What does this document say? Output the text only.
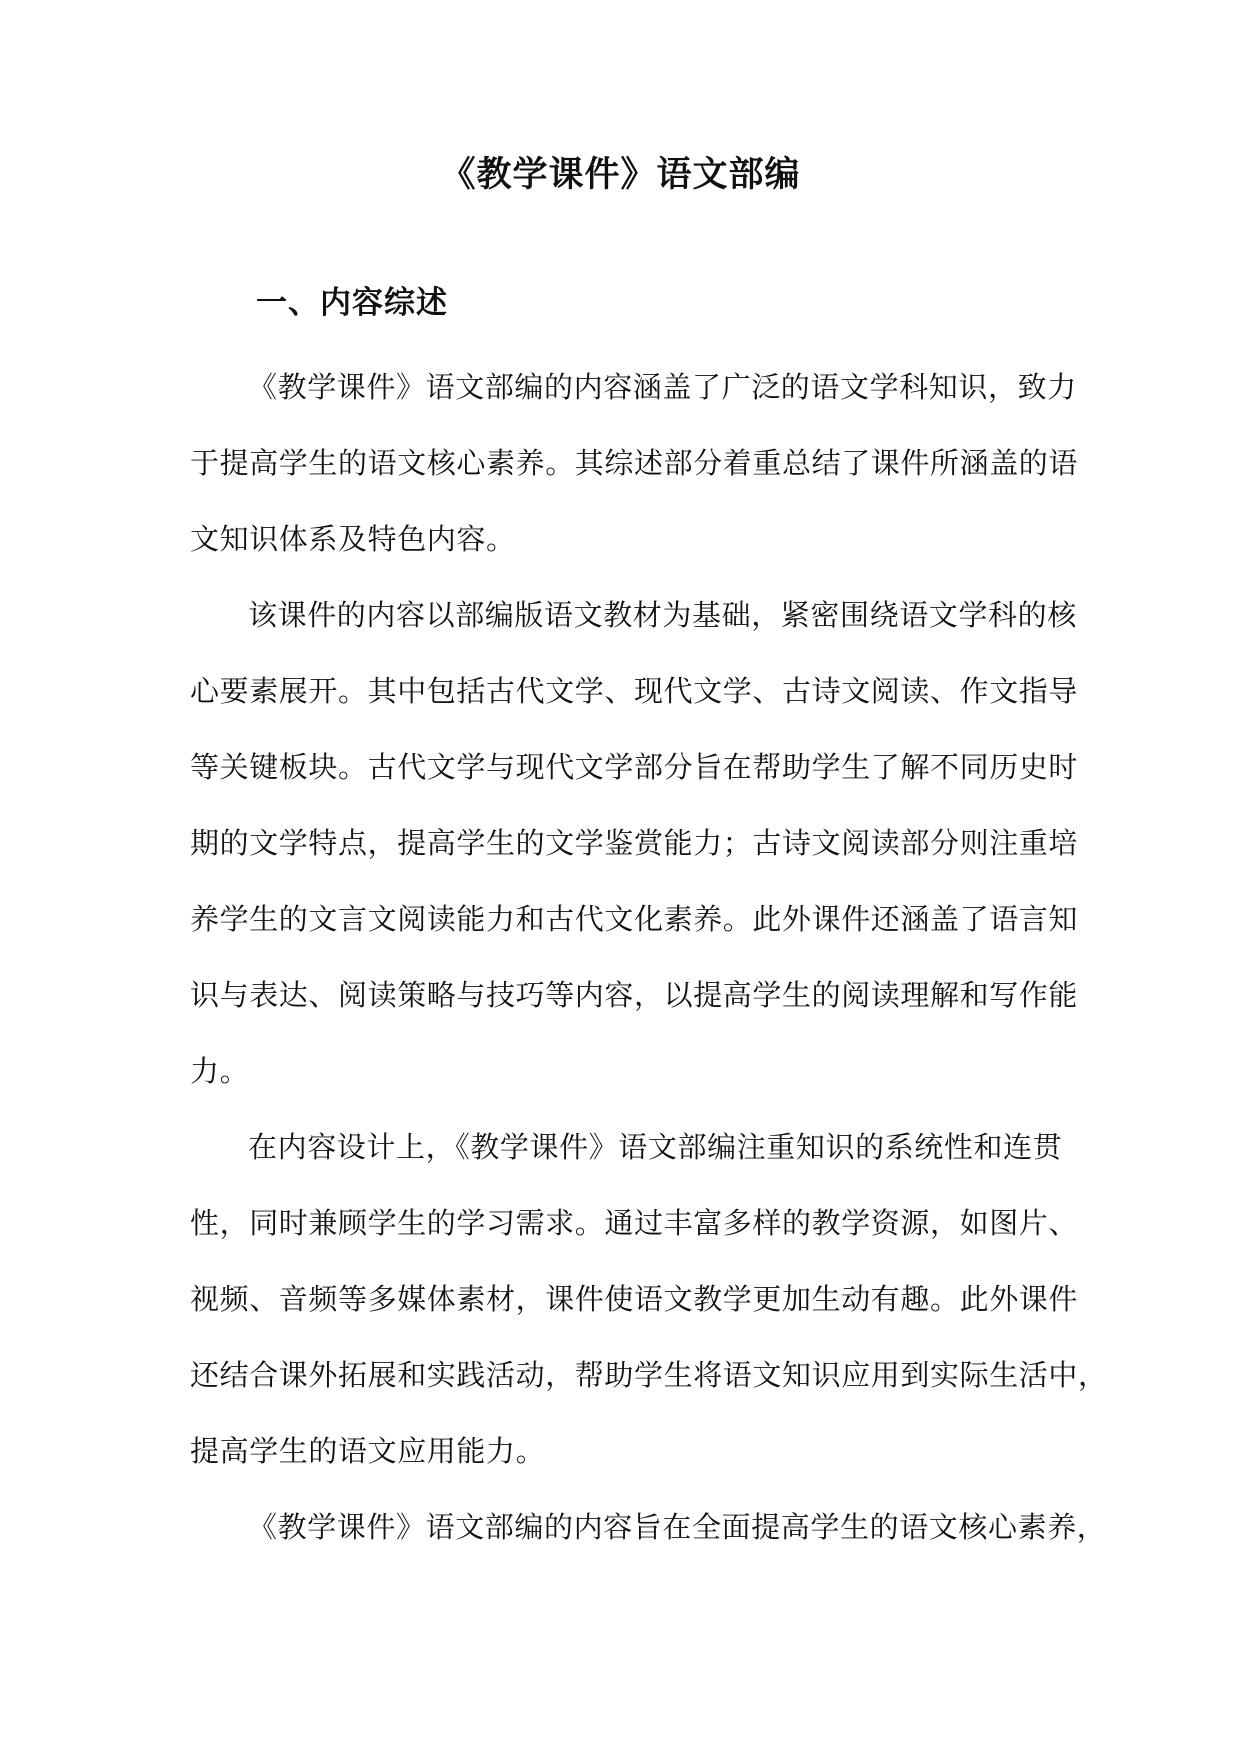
《教学课件》语文部编
一、内容综述
《教学课件》语文部编的内容涵盖了广泛的语文学科知识，致力
于提高学生的语文核心素养。其综述部分着重总结了课件所涵盖的语
文知识体系及特色内容。
该课件的内容以部编版语文教材为基础，紧密围绕语文学科的核
心要素展开。其中包括古代文学、现代文学、古诗文阅读、作文指导
等关键板块。古代文学与现代文学部分旨在帮助学生了解不同历史时
期的文学特点，提高学生的文学鉴赏能力；古诗文阅读部分则注重培
养学生的文言文阅读能力和古代文化素养。此外课件还涵盖了语言知
识与表达、阅读策略与技巧等内容，以提高学生的阅读理解和写作能
力。
在内容设计上，《教学课件》语文部编注重知识的系统性和连贯
性，同时兼顾学生的学习需求。通过丰富多样的教学资源，如图片、
视频、音频等多媒体素材，课件使语文教学更加生动有趣。此外课件
还结合课外拓展和实践活动，帮助学生将语文知识应用到实际生活中，
提高学生的语文应用能力。
《教学课件》语文部编的内容旨在全面提高学生的语文核心素养，
